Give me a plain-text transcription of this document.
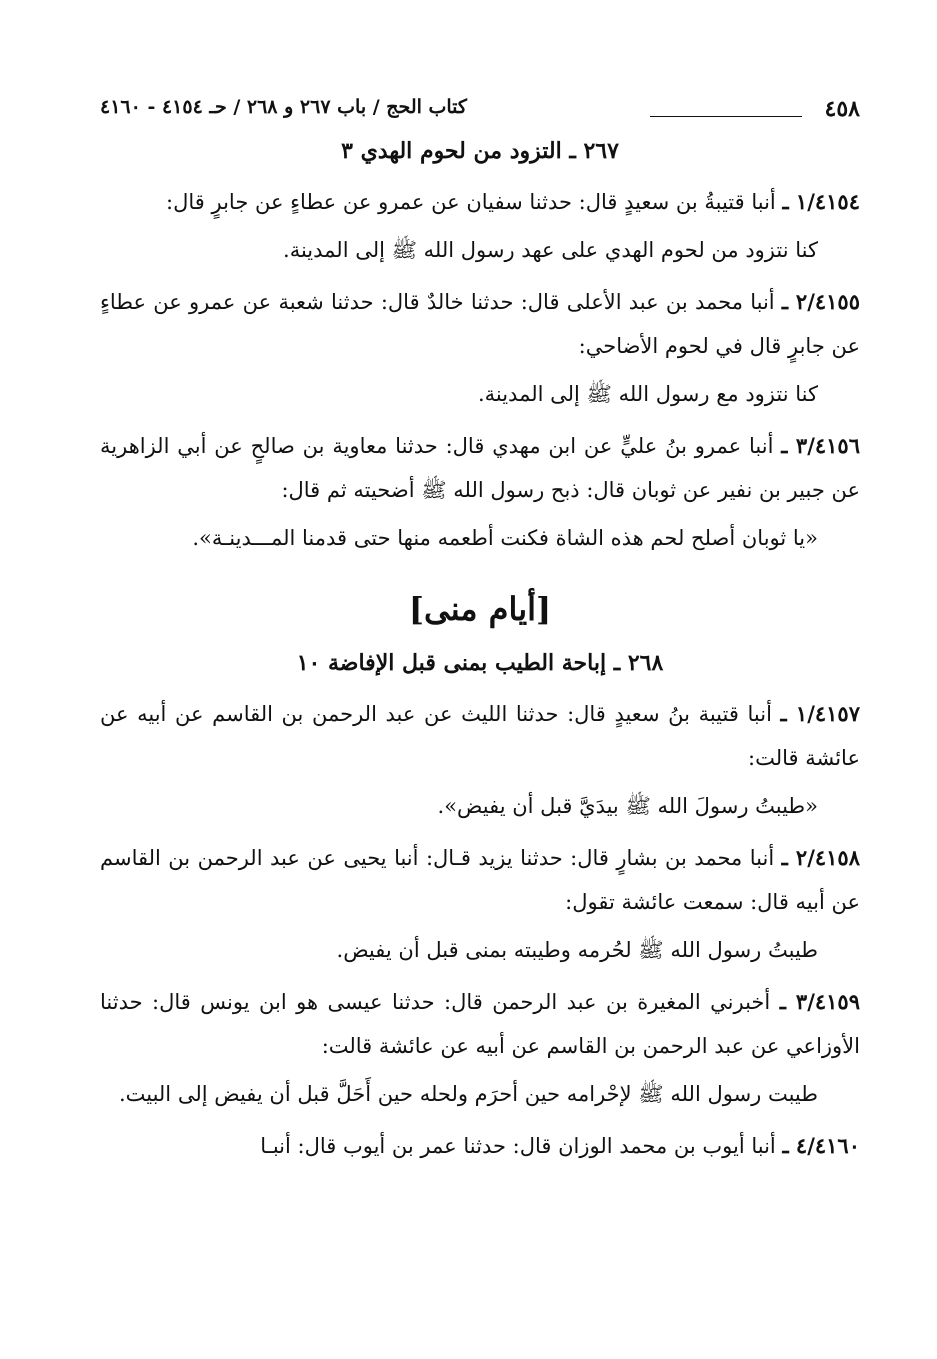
٤٥٨
كتاب الحج / باب ٢٦٧ و ٢٦٨ / حـ ٤١٥٤ - ٤١٦٠
٢٦٧ ـ التزود من لحوم الهدي ٣

١/٤١٥٤ ـ أنبا قتيبةُ بن سعيدٍ قال: حدثنا سفيان عن عمرو عن عطاءٍ عن جابرٍ قال:

كنا نتزود من لحوم الهدي على عهد رسول الله ﷺ إلى المدينة.

٢/٤١٥٥ ـ أنبا محمد بن عبد الأعلى قال: حدثنا خالدٌ قال: حدثنا شعبة عن عمرو عن عطاءٍ عن جابرٍ قال في لحوم الأضاحي:

كنا نتزود مع رسول الله ﷺ إلى المدينة.

٣/٤١٥٦ ـ أنبا عمرو بنُ عليٍّ عن ابن مهدي قال: حدثنا معاوية بن صالحٍ عن أبي الزاهرية عن جبير بن نفير عن ثوبان قال: ذبح رسول الله ﷺ أضحيته ثم قال:

«يا ثوبان أصلح لحم هذه الشاة فكنت أطعمه منها حتى قدمنا المـــدينـة».
[أيام منى]
٢٦٨ ـ إباحة الطيب بمنى قبل الإفاضة ١٠

١/٤١٥٧ ـ أنبا قتيبة بنُ سعيدٍ قال: حدثنا الليث عن عبد الرحمن بن القاسم عن أبيه عن عائشة قالت:

«طيبتُ رسولَ الله ﷺ بيدَيَّ قبل أن يفيض».

٢/٤١٥٨ ـ أنبا محمد بن بشارٍ قال: حدثنا يزيد قـال: أنبا يحيى عن عبد الرحمن بن القاسم عن أبيه قال: سمعت عائشة تقول:

طيبتُ رسول الله ﷺ لحُرمه وطيبته بمنى قبل أن يفيض.

٣/٤١٥٩ ـ أخبرني المغيرة بن عبد الرحمن قال: حدثنا عيسى هو ابن يونس قال: حدثنا الأوزاعي عن عبد الرحمن بن القاسم عن أبيه عن عائشة قالت:

طيبت رسول الله ﷺ لإحْرامه حين أحرَم ولحله حين أَحَلَّ قبل أن يفيض إلى البيت.

٤/٤١٦٠ ـ أنبا أيوب بن محمد الوزان قال: حدثنا عمر بن أيوب قال: أنبـا
